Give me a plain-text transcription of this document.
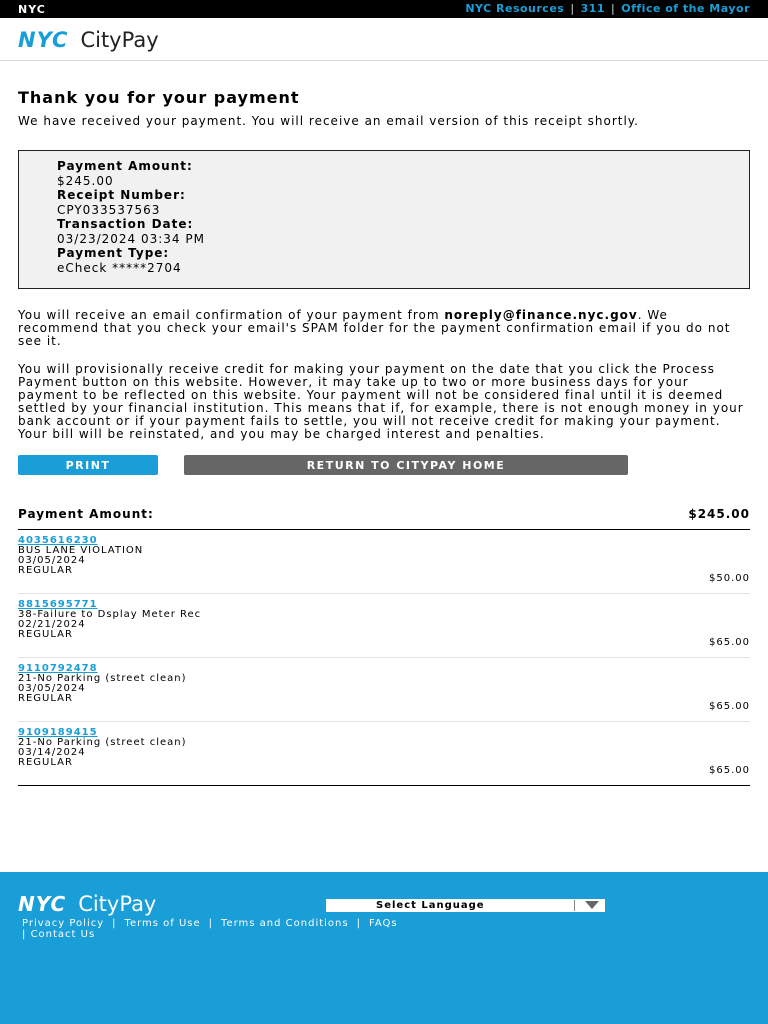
NYC	NYC Resources | 311 | Office of the Mayor
NYC CityPay
Thank you for your payment

We have received your payment. You will receive an email version of this receipt shortly.

Payment Amount:
$245.00
Receipt Number:
CPY033537563
Transaction Date:
03/23/2024 03:34 PM
Payment Type:
eCheck *****2704

You will receive an email confirmation of your payment from noreply@finance.nyc.gov. We recommend that you check your email's SPAM folder for the payment confirmation email if you do not see it.

You will provisionally receive credit for making your payment on the date that you click the Process Payment button on this website. However, it may take up to two or more business days for your payment to be reflected on this website. Your payment will not be considered final until it is deemed settled by your financial institution. This means that if, for example, there is not enough money in your bank account or if your payment fails to settle, you will not receive credit for making your payment. Your bill will be reinstated, and you may be charged interest and penalties.

PRINT	RETURN TO CITYPAY HOME
Payment Amount:	$245.00
4035616230
BUS LANE VIOLATION
03/05/2024
REGULAR
$50.00
8815695771
38-Failure to Dsplay Meter Rec
02/21/2024
REGULAR
$65.00
9110792478
21-No Parking (street clean)
03/05/2024
REGULAR
$65.00
9109189415
21-No Parking (street clean)
03/14/2024
REGULAR
$65.00
NYC CityPay	Select Language
Privacy Policy | Terms of Use | Terms and Conditions | FAQs
| Contact Us
